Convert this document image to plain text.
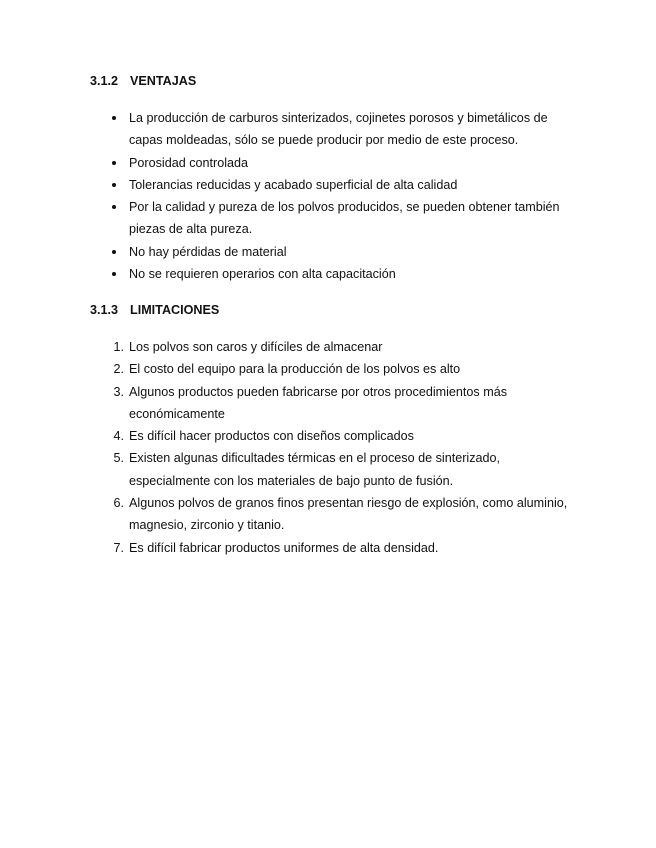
3.1.2 VENTAJAS
La producción de carburos sinterizados, cojinetes porosos y bimetálicos de capas moldeadas, sólo se puede producir por medio de este proceso.
Porosidad controlada
Tolerancias reducidas y acabado superficial de alta calidad
Por la calidad y pureza de los polvos producidos, se pueden obtener también piezas de alta pureza.
No hay pérdidas de material
No se requieren operarios con alta capacitación
3.1.3 LIMITACIONES
1. Los polvos son caros y difíciles de almacenar
2. El costo del equipo para la producción de los polvos es alto
3. Algunos productos pueden fabricarse por otros procedimientos más económicamente
4. Es difícil hacer productos con diseños complicados
5. Existen algunas dificultades térmicas en el proceso de sinterizado, especialmente con los materiales de bajo punto de fusión.
6. Algunos polvos de granos finos presentan riesgo de explosión, como aluminio, magnesio, zirconio y titanio.
7. Es difícil fabricar productos uniformes de alta densidad.
